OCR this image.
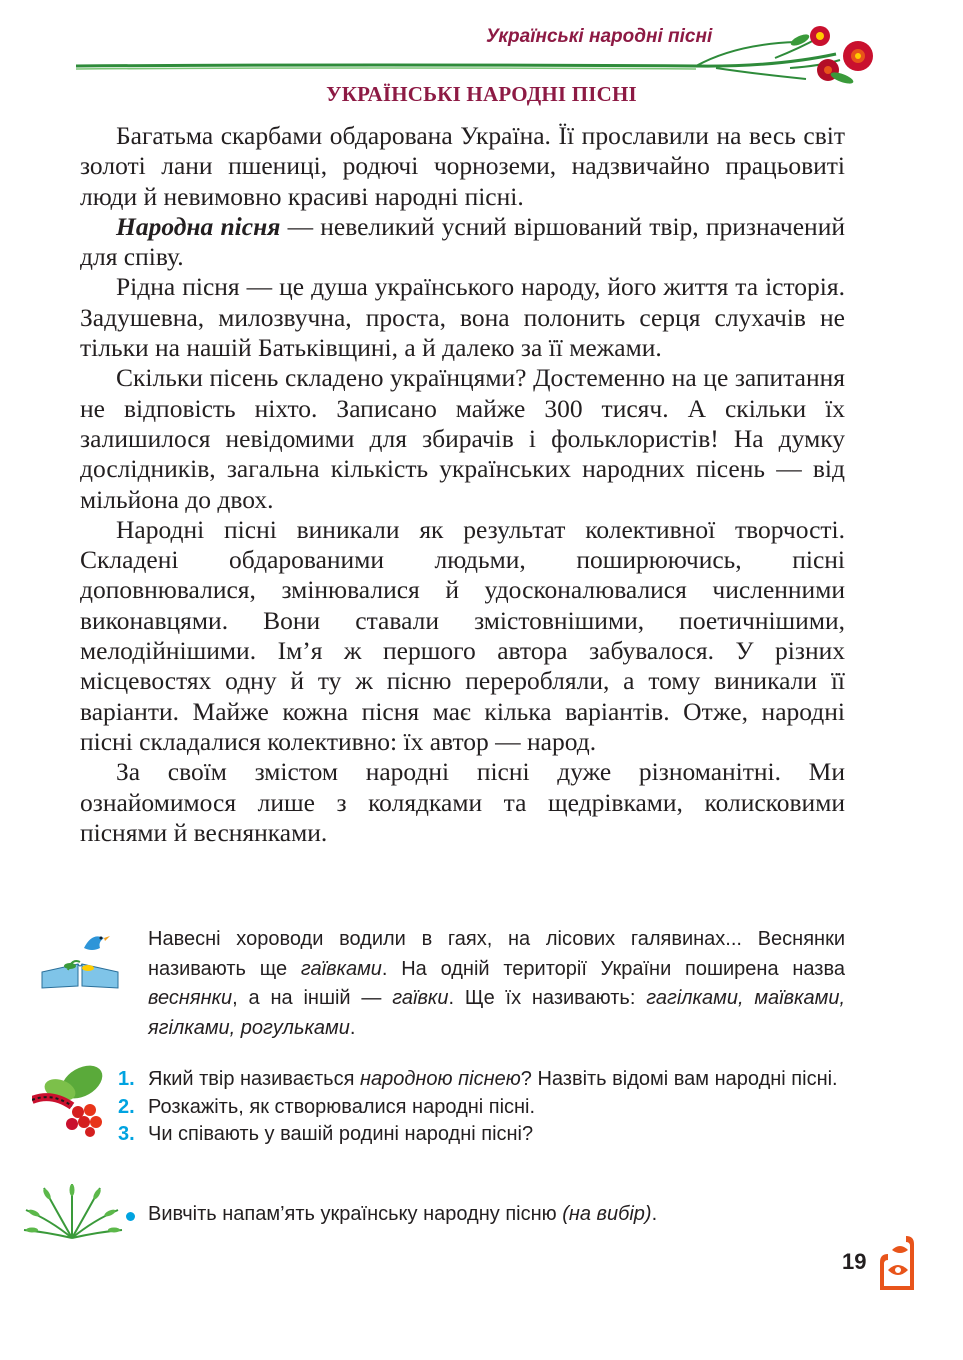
Українські народні пісні
УКРАЇНСЬКІ НАРОДНІ ПІСНІ

Багатьма скарбами обдарована Україна. Її прославили на весь світ золоті лани пшениці, родючі чорноземи, надзвичайно працьовиті люди й невимовно красиві народні пісні.

Народна пісня — невеликий усний віршований твір, призначений для співу.

Рідна пісня — це душа українського народу, його життя та історія. Задушевна, милозвучна, проста, вона полонить серця слухачів не тільки на нашій Батьківщині, а й далеко за її межами.

Скільки пісень складено українцями? Достеменно на це запитання не відповість ніхто. Записано майже 300 тисяч. А скільки їх залишилося невідомими для збирачів і фольклористів! На думку дослідників, загальна кількість українських народних пісень — від мільйона до двох.

Народні пісні виникали як результат колективної творчості. Складені обдарованими людьми, поширюючись, пісні доповнювалися, змінювалися й удосконалювалися численними виконавцями. Вони ставали змістовнішими, поетичнішими, мелодійнішими. Ім’я ж першого автора забувалося. У різних місцевостях одну й ту ж пісню переробляли, а тому виникали її варіанти. Майже кожна пісня має кілька варіантів. Отже, народні пісні складалися колективно: їх автор — народ.

За своїм змістом народні пісні дуже різноманітні. Ми ознайомимося лише з колядками та щедрівками, колисковими піснями й веснянками.

Навесні хороводи водили в гаях, на лісових галявинах... Веснянки називають ще гаївками. На одній території України поширена назва веснянки, а на іншій — гаївки. Ще їх називають: гагілками, маївками, ягілками, рогульками.

1. Який твір називається народною піснею? Назвіть відомі вам народні пісні.
2. Розкажіть, як створювалися народні пісні.
3. Чи співають у вашій родині народні пісні?
Вивчіть напам’ять українську народну пісню (на вибір).
19
